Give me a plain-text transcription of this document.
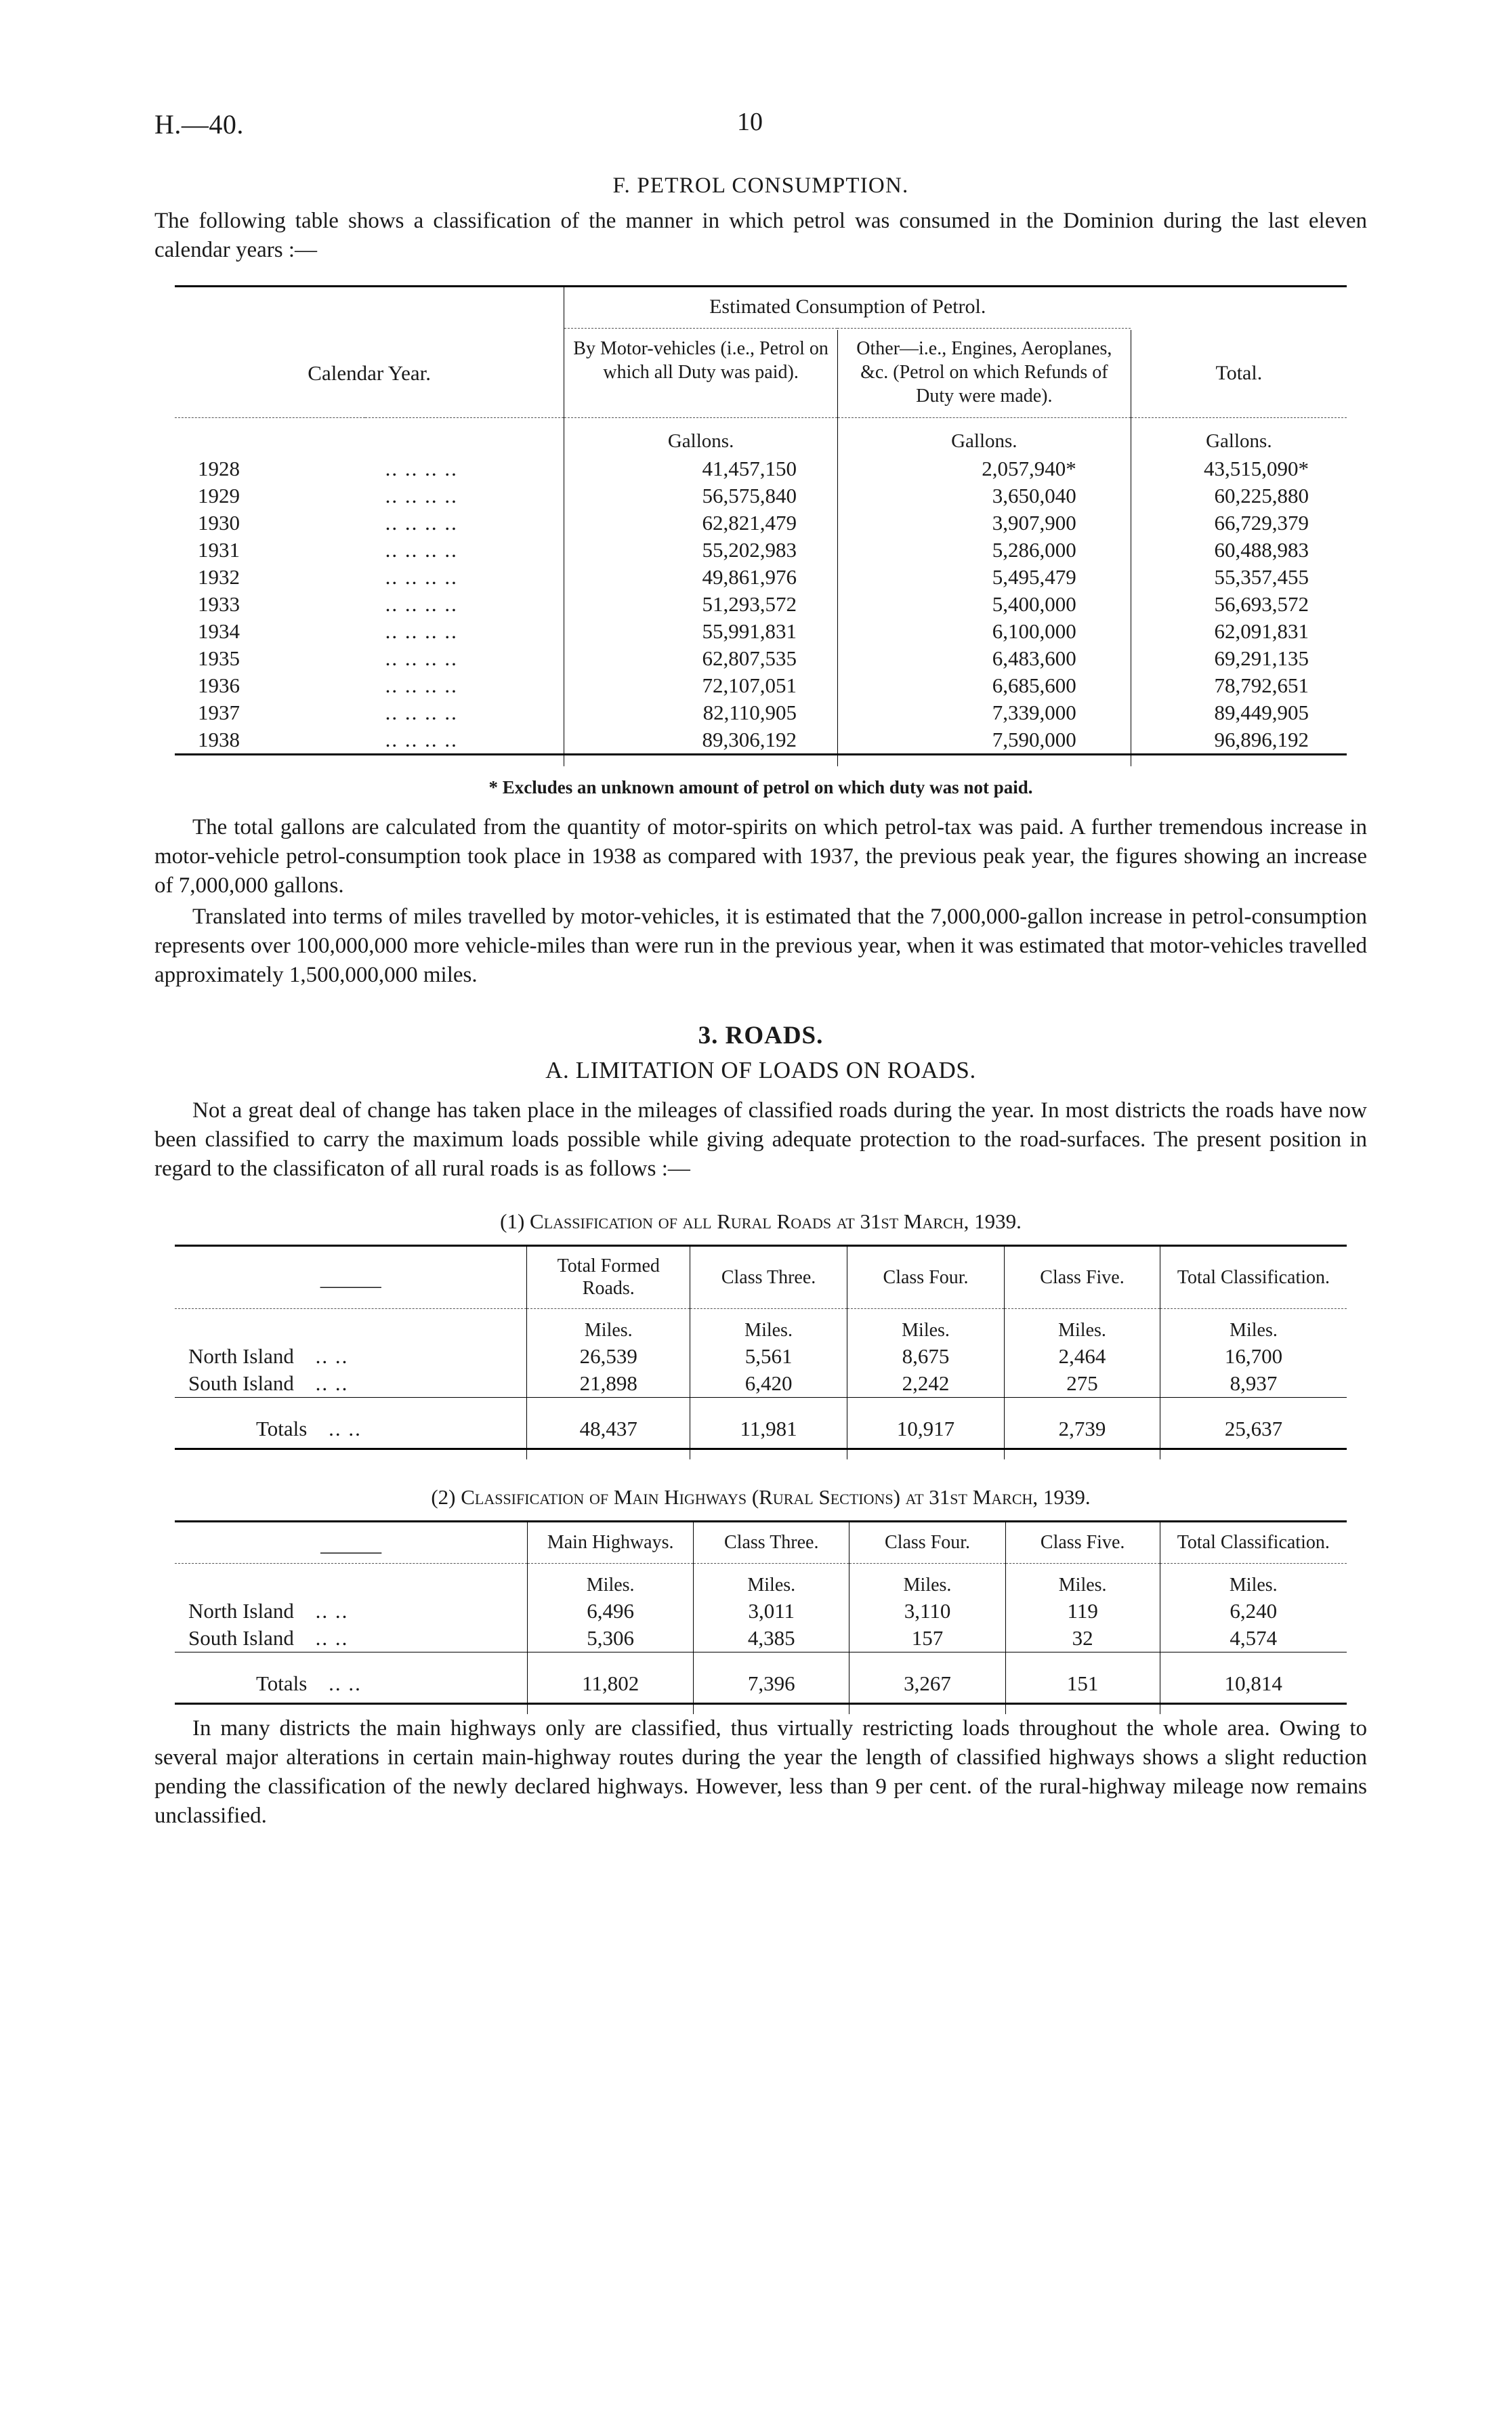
H.—40.	10
F. PETROL CONSUMPTION.

The following table shows a classification of the manner in which petrol was consumed in the Dominion during the last eleven calendar years :—

		Estimated Consumption of Petrol.		

Calendar Year.		By Motor-vehicles (i.e., Petrol on which all Duty was paid).	Other—i.e., Engines, Aeroplanes, &c. (Petrol on which Refunds of Duty were made).	Total.

		Gallons.	Gallons.	Gallons.
1928	.. .. .. ..	41,457,150	2,057,940*	43,515,090*
1929	.. .. .. ..	56,575,840	3,650,040	60,225,880
1930	.. .. .. ..	62,821,479	3,907,900	66,729,379
1931	.. .. .. ..	55,202,983	5,286,000	60,488,983
1932	.. .. .. ..	49,861,976	5,495,479	55,357,455
1933	.. .. .. ..	51,293,572	5,400,000	56,693,572
1934	.. .. .. ..	55,991,831	6,100,000	62,091,831
1935	.. .. .. ..	62,807,535	6,483,600	69,291,135
1936	.. .. .. ..	72,107,051	6,685,600	78,792,651
1937	.. .. .. ..	82,110,905	7,339,000	89,449,905
1938	.. .. .. ..	89,306,192	7,590,000	96,896,192

* Excludes an unknown amount of petrol on which duty was not paid.

The total gallons are calculated from the quantity of motor-spirits on which petrol-tax was paid. A further tremendous increase in motor-vehicle petrol-consumption took place in 1938 as compared with 1937, the previous peak year, the figures showing an increase of 7,000,000 gallons.

Translated into terms of miles travelled by motor-vehicles, it is estimated that the 7,000,000-gallon increase in petrol-consumption represents over 100,000,000 more vehicle-miles than were run in the previous year, when it was estimated that motor-vehicles travelled approximately 1,500,000,000 miles.

3. ROADS.
A. LIMITATION OF LOADS ON ROADS.

Not a great deal of change has taken place in the mileages of classified roads during the year. In most districts the roads have now been classified to carry the maximum loads possible while giving adequate protection to the road-surfaces. The present position in regard to the classificaton of all rural roads is as follows :—

(1) Classification of all Rural Roads at 31st March, 1939.
———	Total Formed Roads.	Class Three.	Class Four.	Class Five.	Total Classification.

	Miles.	Miles.	Miles.	Miles.	Miles.
North Island .. ..	26,539	5,561	8,675	2,464	16,700
South Island .. ..	21,898	6,420	2,242	275	8,937

Totals .. ..	48,437	11,981	10,917	2,739	25,637

(2) Classification of Main Highways (Rural Sections) at 31st March, 1939.
———	Main Highways.	Class Three.	Class Four.	Class Five.	Total Classification.

	Miles.	Miles.	Miles.	Miles.	Miles.
North Island .. ..	6,496	3,011	3,110	119	6,240
South Island .. ..	5,306	4,385	157	32	4,574

Totals .. ..	11,802	7,396	3,267	151	10,814

In many districts the main highways only are classified, thus virtually restricting loads throughout the whole area. Owing to several major alterations in certain main-highway routes during the year the length of classified highways shows a slight reduction pending the classification of the newly declared highways. However, less than 9 per cent. of the rural-highway mileage now remains unclassified.
